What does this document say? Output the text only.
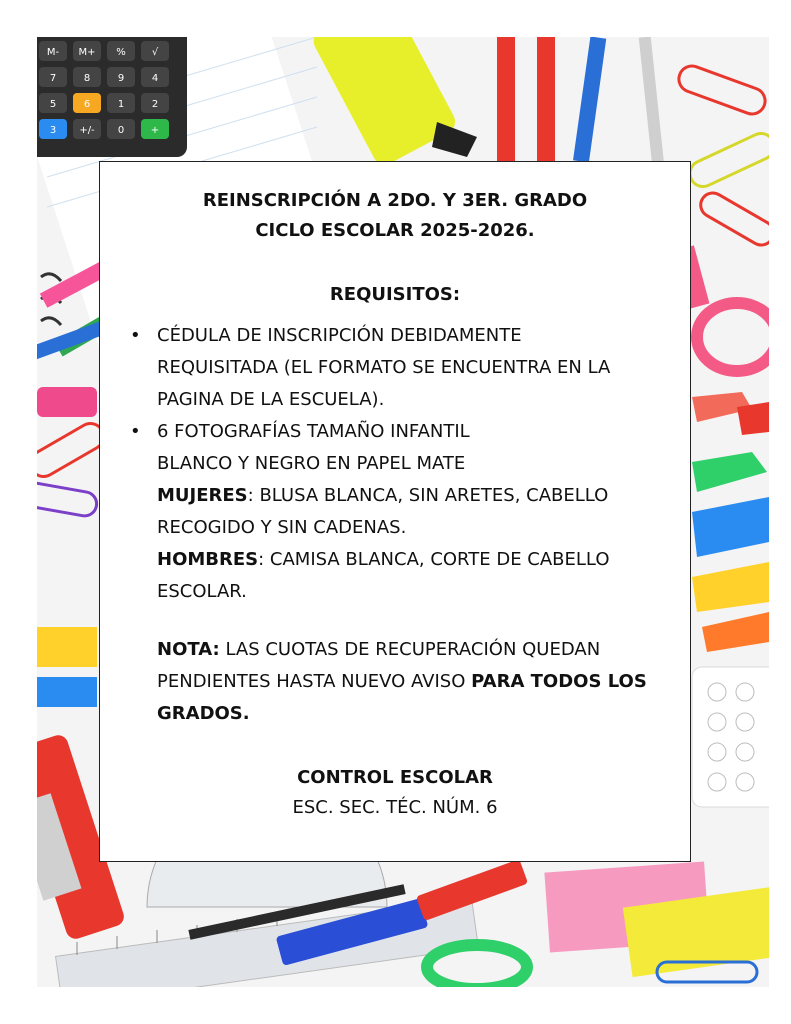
M- M+ %	√
7	8	9	4
5	6	1	2
3 +/- 0	+
REINSCRIPCIÓN A 2DO. Y 3ER. GRADO
CICLO ESCOLAR 2025-2026.
REQUISITOS:
• CÉDULA DE INSCRIPCIÓN DEBIDAMENTE
REQUISITADA (EL FORMATO SE ENCUENTRA EN LA
PAGINA DE LA ESCUELA).
• 6 FOTOGRAFÍAS TAMAÑO INFANTIL
BLANCO Y NEGRO EN PAPEL MATE
MUJERES: BLUSA BLANCA, SIN ARETES, CABELLO
RECOGIDO Y SIN CADENAS.
HOMBRES: CAMISA BLANCA, CORTE DE CABELLO
ESCOLAR.
NOTA: LAS CUOTAS DE RECUPERACIÓN QUEDAN
PENDIENTES HASTA NUEVO AVISO PARA TODOS LOS
GRADOS.
CONTROL ESCOLAR
ESC. SEC. TÉC. NÚM. 6
